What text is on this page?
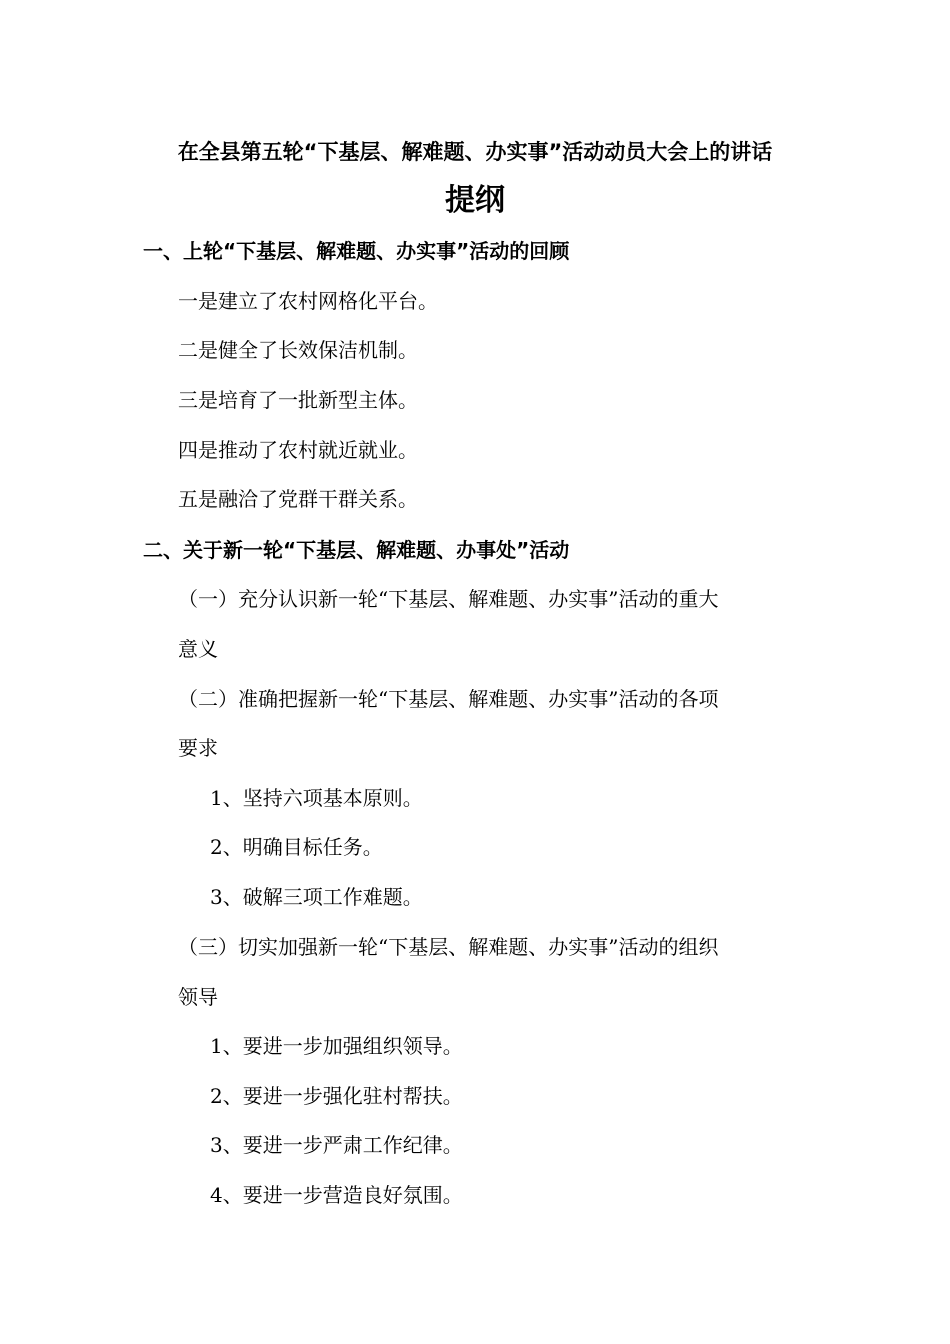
在全县第五轮“下基层、解难题、办实事”活动动员大会上的讲话
提纲
一、上轮“下基层、解难题、办实事”活动的回顾
一是建立了农村网格化平台。
二是健全了长效保洁机制。
三是培育了一批新型主体。
四是推动了农村就近就业。
五是融洽了党群干群关系。
二、关于新一轮“下基层、解难题、办事处”活动
（一）充分认识新一轮“下基层、解难题、办实事”活动的重大
意义
（二）准确把握新一轮“下基层、解难题、办实事”活动的各项
要求
1、坚持六项基本原则。
2、明确目标任务。
3、破解三项工作难题。
（三）切实加强新一轮“下基层、解难题、办实事”活动的组织
领导
1、要进一步加强组织领导。
2、要进一步强化驻村帮扶。
3、要进一步严肃工作纪律。
4、要进一步营造良好氛围。
